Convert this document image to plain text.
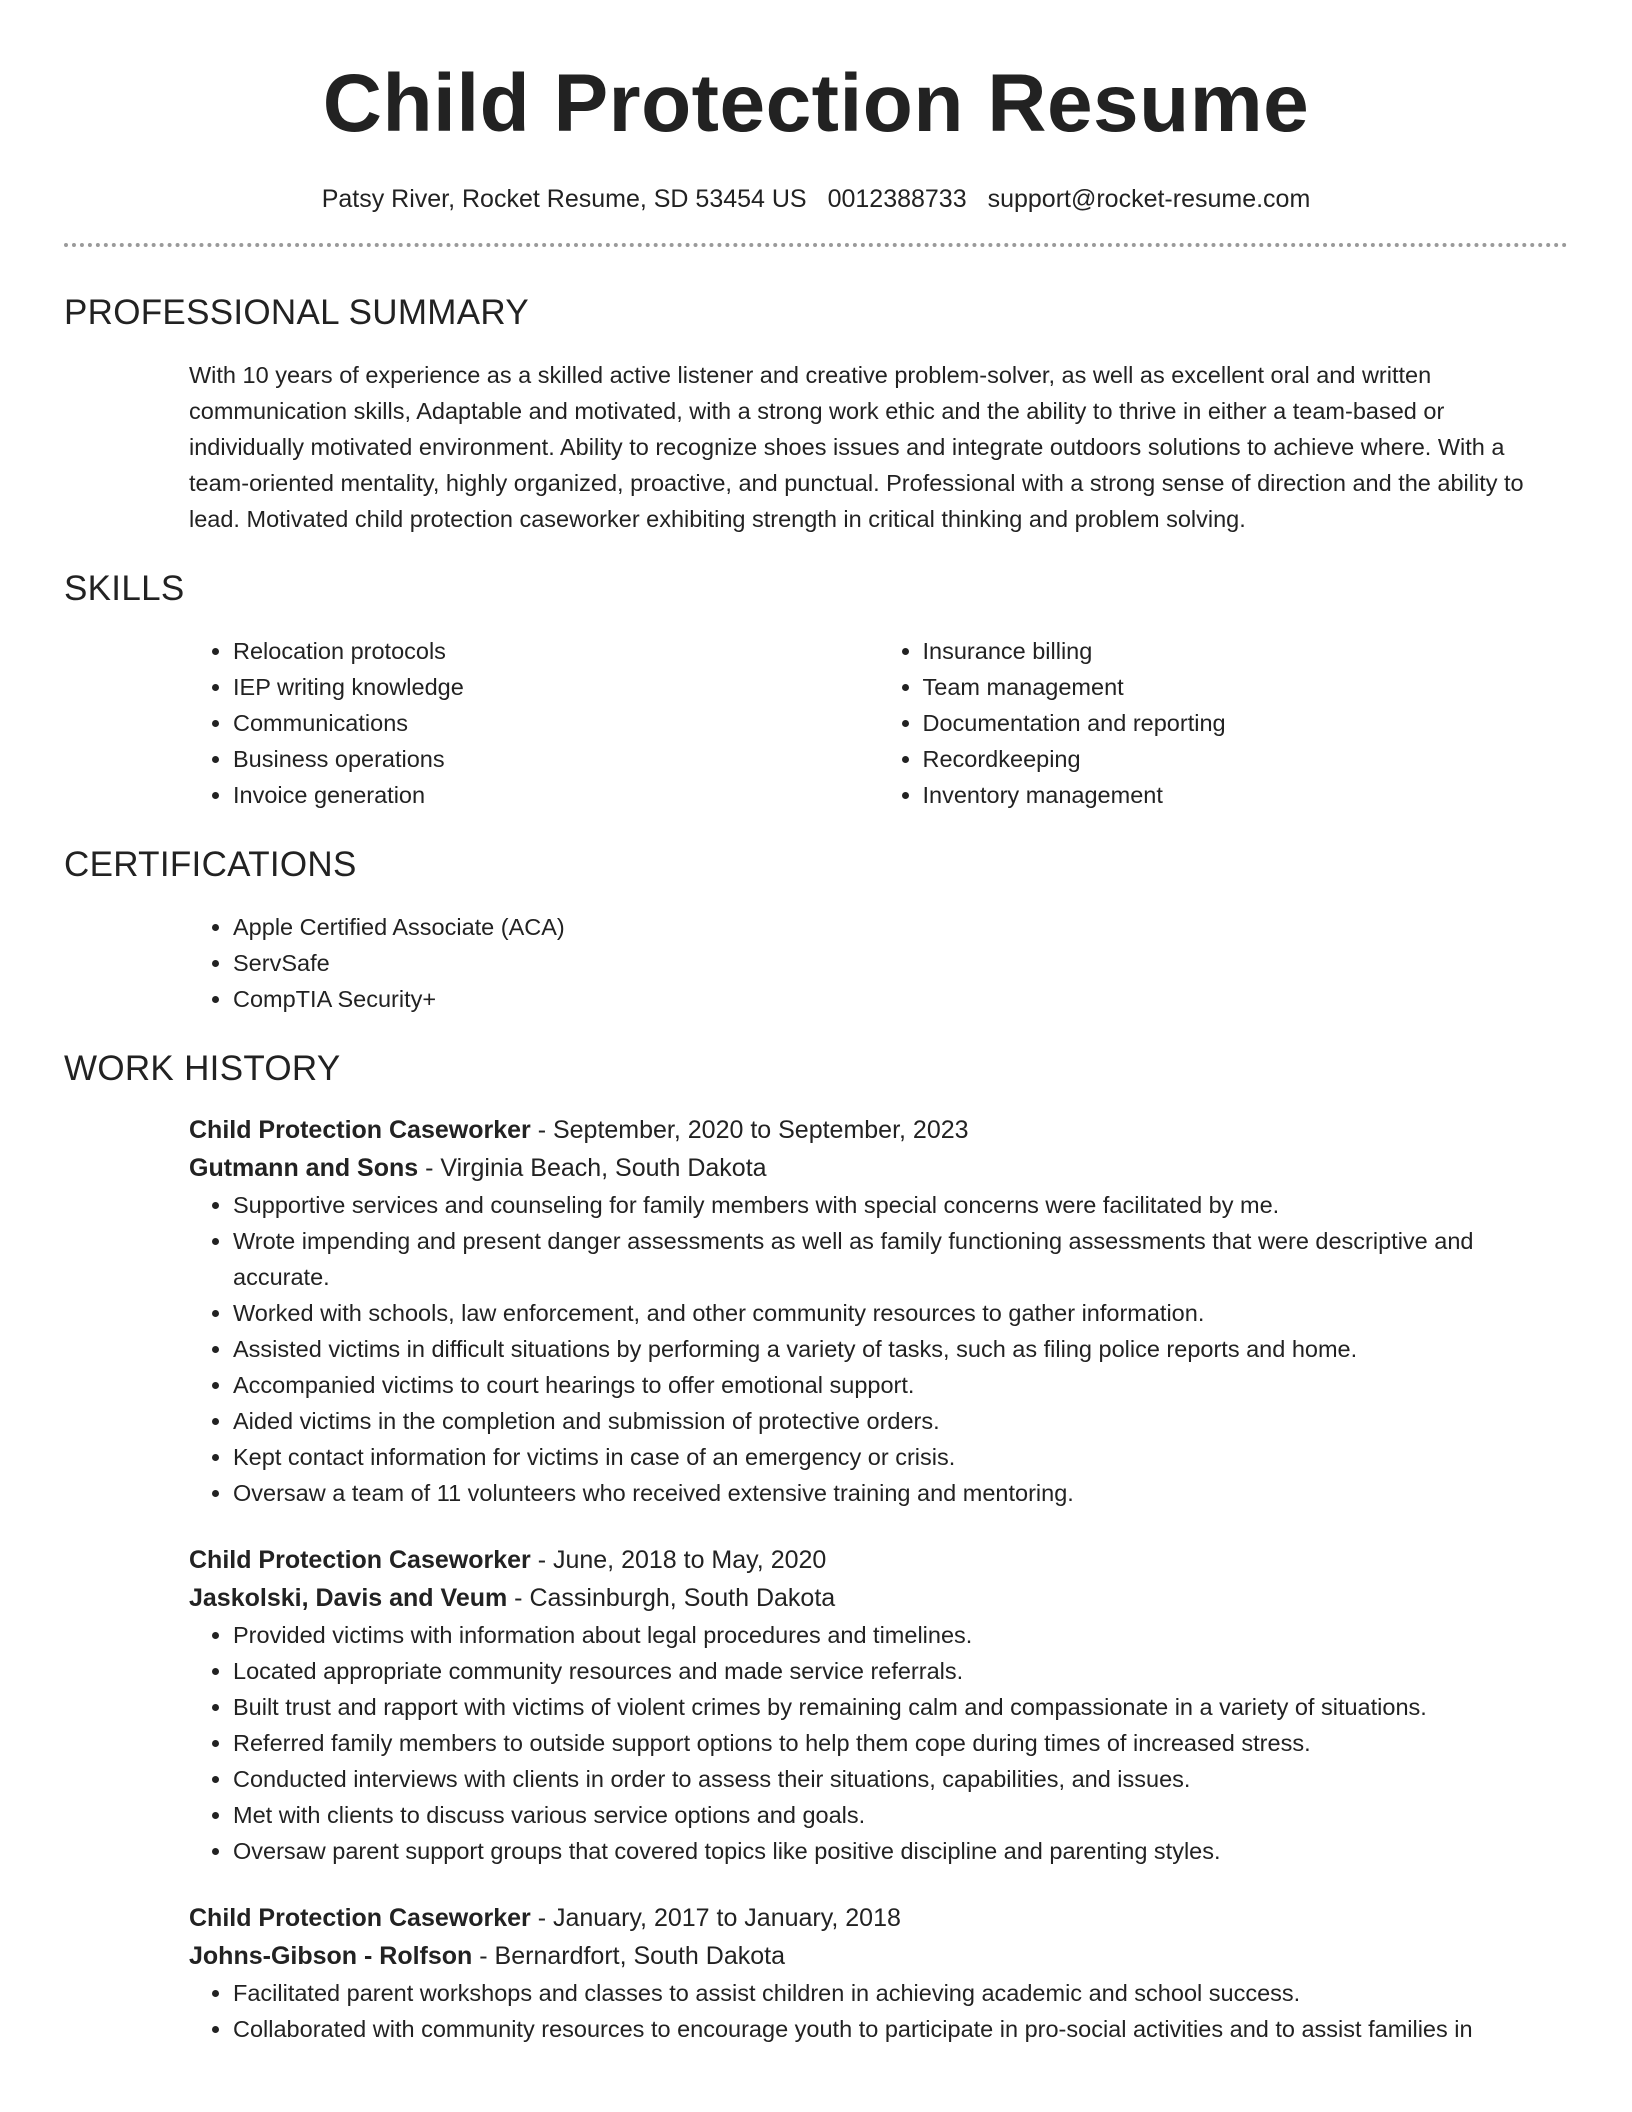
Child Protection Resume
Patsy River, Rocket Resume, SD 53454 US 0012388733 support@rocket-resume.com
PROFESSIONAL SUMMARY
With 10 years of experience as a skilled active listener and creative problem-solver, as well as excellent oral and written communication skills, Adaptable and motivated, with a strong work ethic and the ability to thrive in either a team-based or individually motivated environment. Ability to recognize shoes issues and integrate outdoors solutions to achieve where. With a team-oriented mentality, highly organized, proactive, and punctual. Professional with a strong sense of direction and the ability to lead. Motivated child protection caseworker exhibiting strength in critical thinking and problem solving.
SKILLS
• Relocation protocols
• IEP writing knowledge
• Communications
• Business operations
• Invoice generation
• Insurance billing
• Team management
• Documentation and reporting
• Recordkeeping
• Inventory management
CERTIFICATIONS
• Apple Certified Associate (ACA)
• ServSafe
• CompTIA Security+
WORK HISTORY
Child Protection Caseworker - September, 2020 to September, 2023
Gutmann and Sons - Virginia Beach, South Dakota
• Supportive services and counseling for family members with special concerns were facilitated by me.
• Wrote impending and present danger assessments as well as family functioning assessments that were descriptive and accurate.
• Worked with schools, law enforcement, and other community resources to gather information.
• Assisted victims in difficult situations by performing a variety of tasks, such as filing police reports and home.
• Accompanied victims to court hearings to offer emotional support.
• Aided victims in the completion and submission of protective orders.
• Kept contact information for victims in case of an emergency or crisis.
• Oversaw a team of 11 volunteers who received extensive training and mentoring.
Child Protection Caseworker - June, 2018 to May, 2020
Jaskolski, Davis and Veum - Cassinburgh, South Dakota
• Provided victims with information about legal procedures and timelines.
• Located appropriate community resources and made service referrals.
• Built trust and rapport with victims of violent crimes by remaining calm and compassionate in a variety of situations.
• Referred family members to outside support options to help them cope during times of increased stress.
• Conducted interviews with clients in order to assess their situations, capabilities, and issues.
• Met with clients to discuss various service options and goals.
• Oversaw parent support groups that covered topics like positive discipline and parenting styles.
Child Protection Caseworker - January, 2017 to January, 2018
Johns-Gibson - Rolfson - Bernardfort, South Dakota
• Facilitated parent workshops and classes to assist children in achieving academic and school success.
• Collaborated with community resources to encourage youth to participate in pro-social activities and to assist families in
